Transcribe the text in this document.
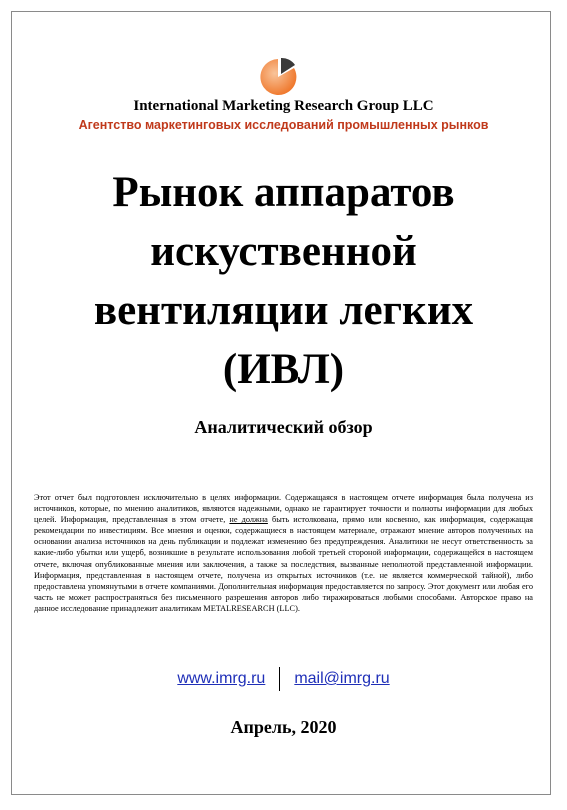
International Marketing Research Group LLC
Агентство маркетинговых исследований промышленных рынков
Рынок аппаратов
искуственной
вентиляции легких
(ИВЛ)
Аналитический обзор
Этот отчет был подготовлен исключительно в целях информации. Содержащаяся в настоящем отчете информация была получена из источников, которые, по мнению аналитиков, являются надежными, однако не гарантирует точности и полноты информации для любых целей. Информация, представленная в этом отчете, не должна быть истолкована, прямо или косвенно, как информация, содержащая рекомендации по инвестициям. Все мнения и оценки, содержащиеся в настоящем материале, отражают мнение авторов полученных на основании анализа источников на день публикации и подлежат изменению без предупреждения. Аналитики не несут ответственность за какие-либо убытки или ущерб, возникшие в результате использования любой третьей стороной информации, содержащейся в настоящем отчете, включая опубликованные мнения или заключения, а также за последствия, вызванные неполнотой представленной информации. Информация, представленная в настоящем отчете, получена из открытых источников (т.е. не является коммерческой тайной), либо предоставлена упомянутыми в отчете компаниями. Дополнительная информация предоставляется по запросу. Этот документ или любая его часть не может распространяться без письменного разрешения авторов либо тиражироваться любыми способами. Авторское право на данное исследование принадлежит аналитикам METALRESEARCH (LLC).
www.imrg.ru mail@imrg.ru
Апрель, 2020
